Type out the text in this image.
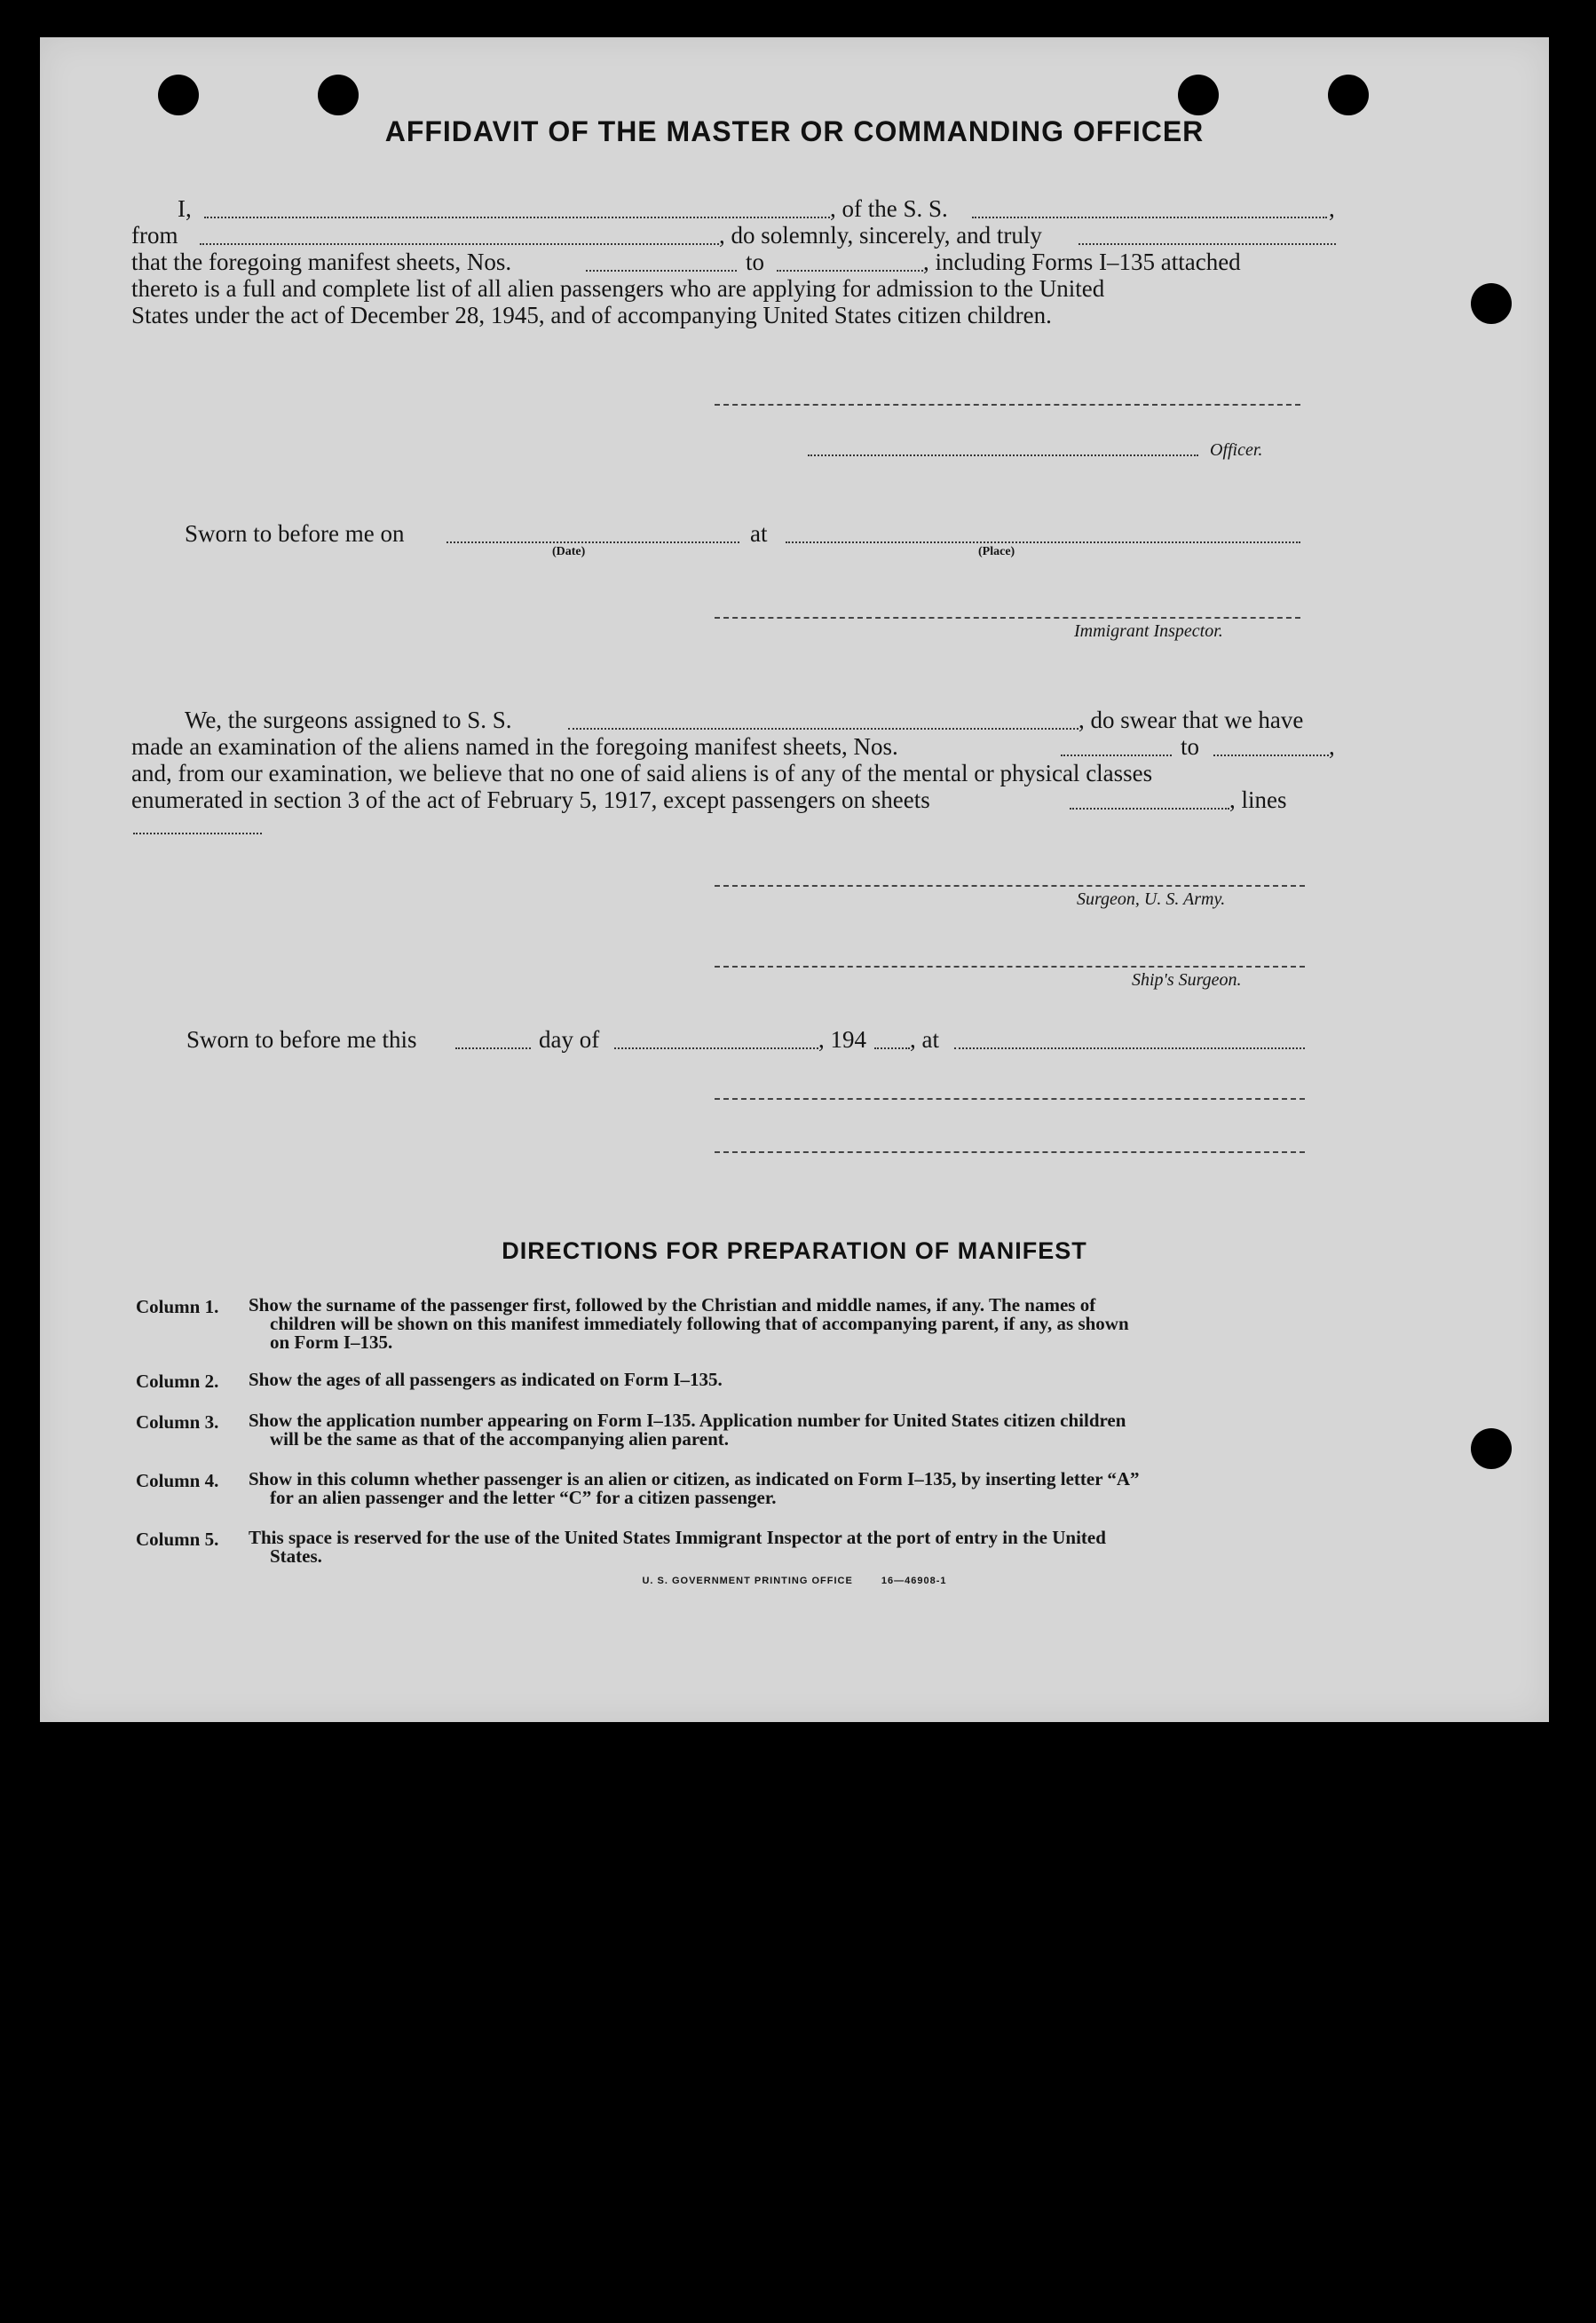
AFFIDAVIT OF THE MASTER OR COMMANDING OFFICER
I,	, of the S. S.	,
from	, do solemnly, sincerely, and truly
that the foregoing manifest sheets, Nos.	to	, including Forms I–135 attached
thereto is a full and complete list of all alien passengers who are applying for admission to the United
States under the act of December 28, 1945, and of accompanying United States citizen children.
Officer.
Sworn to before me on	at
(Date)	(Place)
Immigrant Inspector.
We, the surgeons assigned to S. S.	, do swear that we have
made an examination of the aliens named in the foregoing manifest sheets, Nos.	to	,
and, from our examination, we believe that no one of said aliens is of any of the mental or physical classes
enumerated in section 3 of the act of February 5, 1917, except passengers on sheets	, lines
Surgeon, U. S. Army.
Ship's Surgeon.
Sworn to before me this	day of	, 194 , at
DIRECTIONS FOR PREPARATION OF MANIFEST
Column 1. Show the surname of the passenger first, followed by the Christian and middle names, if any. The names of
children will be shown on this manifest immediately following that of accompanying parent, if any, as shown
on Form I–135.
Column 2. Show the ages of all passengers as indicated on Form I–135.
Column 3. Show the application number appearing on Form I–135. Application number for United States citizen children
will be the same as that of the accompanying alien parent.
Column 4. Show in this column whether passenger is an alien or citizen, as indicated on Form I–135, by inserting letter “A”
for an alien passenger and the letter “C” for a citizen passenger.
Column 5. This space is reserved for the use of the United States Immigrant Inspector at the port of entry in the United
States.
U. S. GOVERNMENT PRINTING OFFICE	16—46908-1
